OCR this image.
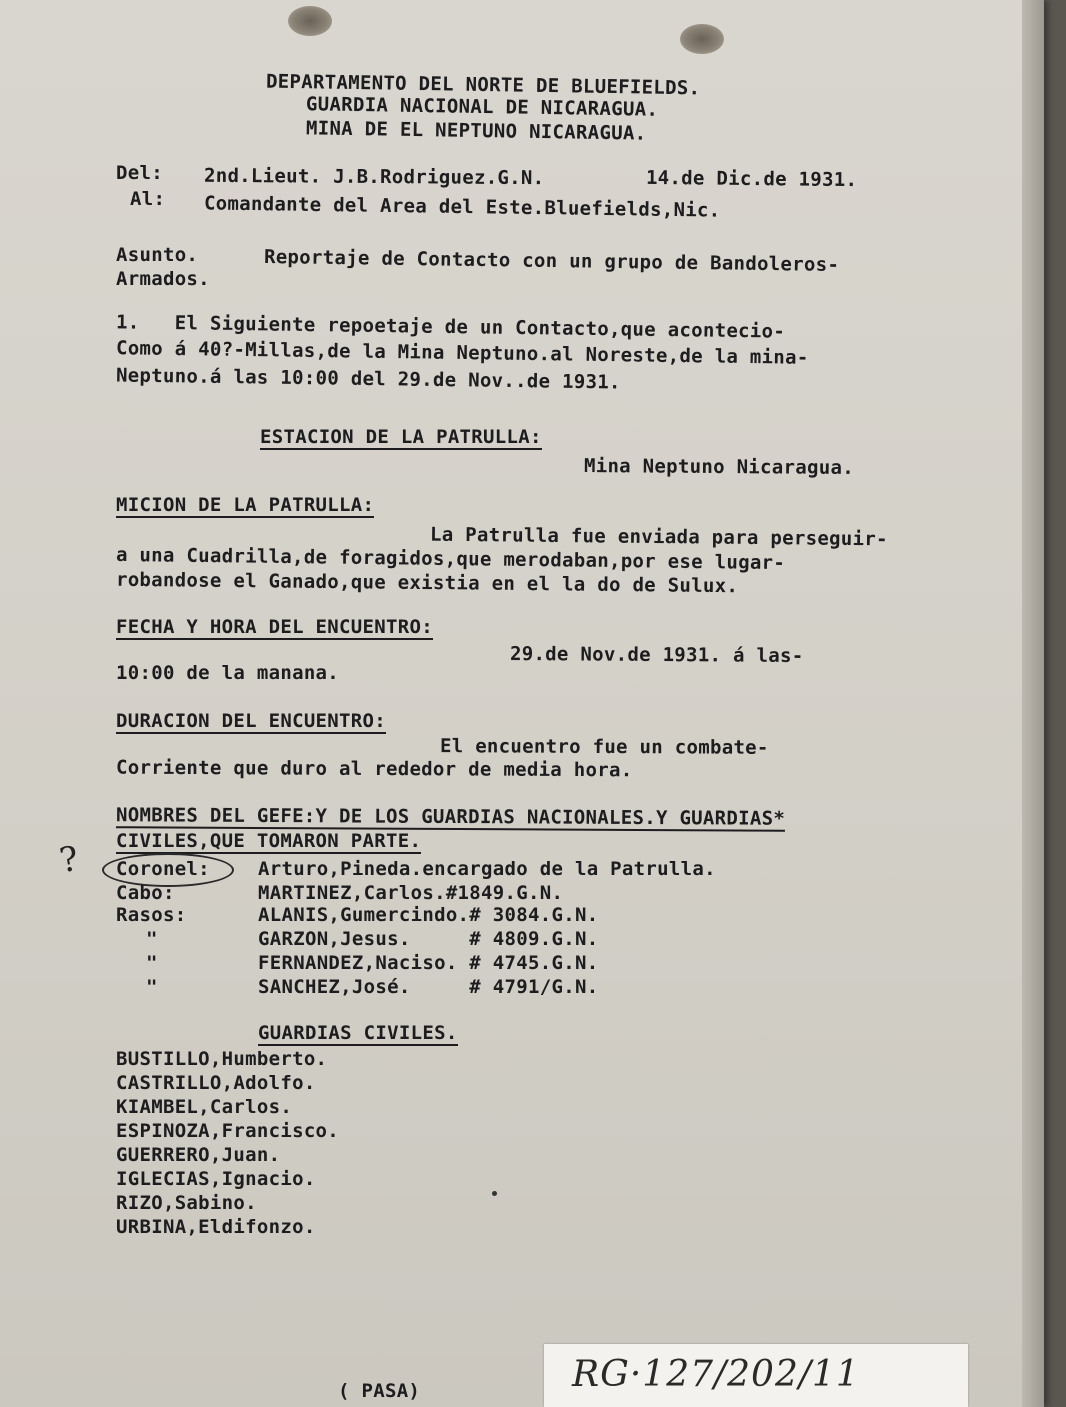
DEPARTAMENTO DEL NORTE DE BLUEFIELDS.

GUARDIA NACIONAL DE NICARAGUA.

MINA DE EL NEPTUNO NICARAGUA.

Del: 2nd.Lieut. J.B.Rodriguez.G.N.	14.de Dic.de 1931.

Al: Comandante del Area del Este.Bluefields,Nic.

Asunto.	Reportaje de Contacto con un grupo de Bandoleros-

Armados.

1.   El Siguiente repoetaje de un Contacto,que acontecio-

Como á 40?-Millas,de la Mina Neptuno.al Noreste,de la mina-

Neptuno.á las 10:00 del 29.de Nov..de 1931.

ESTACION DE LA PATRULLA:

Mina Neptuno Nicaragua.

MICION DE LA PATRULLA:

La Patrulla fue enviada para perseguir-

a una Cuadrilla,de foragidos,que merodaban,por ese lugar-

robandose el Ganado,que existia en el la do de Sulux.

FECHA Y HORA DEL ENCUENTRO:

29.de Nov.de 1931. á las-

10:00 de la manana.

DURACION DEL ENCUENTRO:

El encuentro fue un combate-

Corriente que duro al rededor de media hora.

NOMBRES DEL GEFE:Y DE LOS GUARDIAS NACIONALES.Y GUARDIAS*

CIVILES,QUE TOMARON PARTE.

? Coronel:	Arturo,Pineda.encargado de la Patrulla.

Cabo:	MARTINEZ,Carlos.#1849.G.N.

Rasos:	ALANIS,Gumercindo.# 3084.G.N.

"	GARZON,Jesus.     # 4809.G.N.

"	FERNANDEZ,Naciso. # 4745.G.N.

"	SANCHEZ,José.     # 4791/G.N.

GUARDIAS CIVILES.

BUSTILLO,Humberto.

CASTRILLO,Adolfo.

KIAMBEL,Carlos.

ESPINOZA,Francisco.

GUERRERO,Juan.

IGLECIAS,Ignacio.

RIZO,Sabino.

URBINA,Eldifonzo.

( PASA)	RG·127/202/11
